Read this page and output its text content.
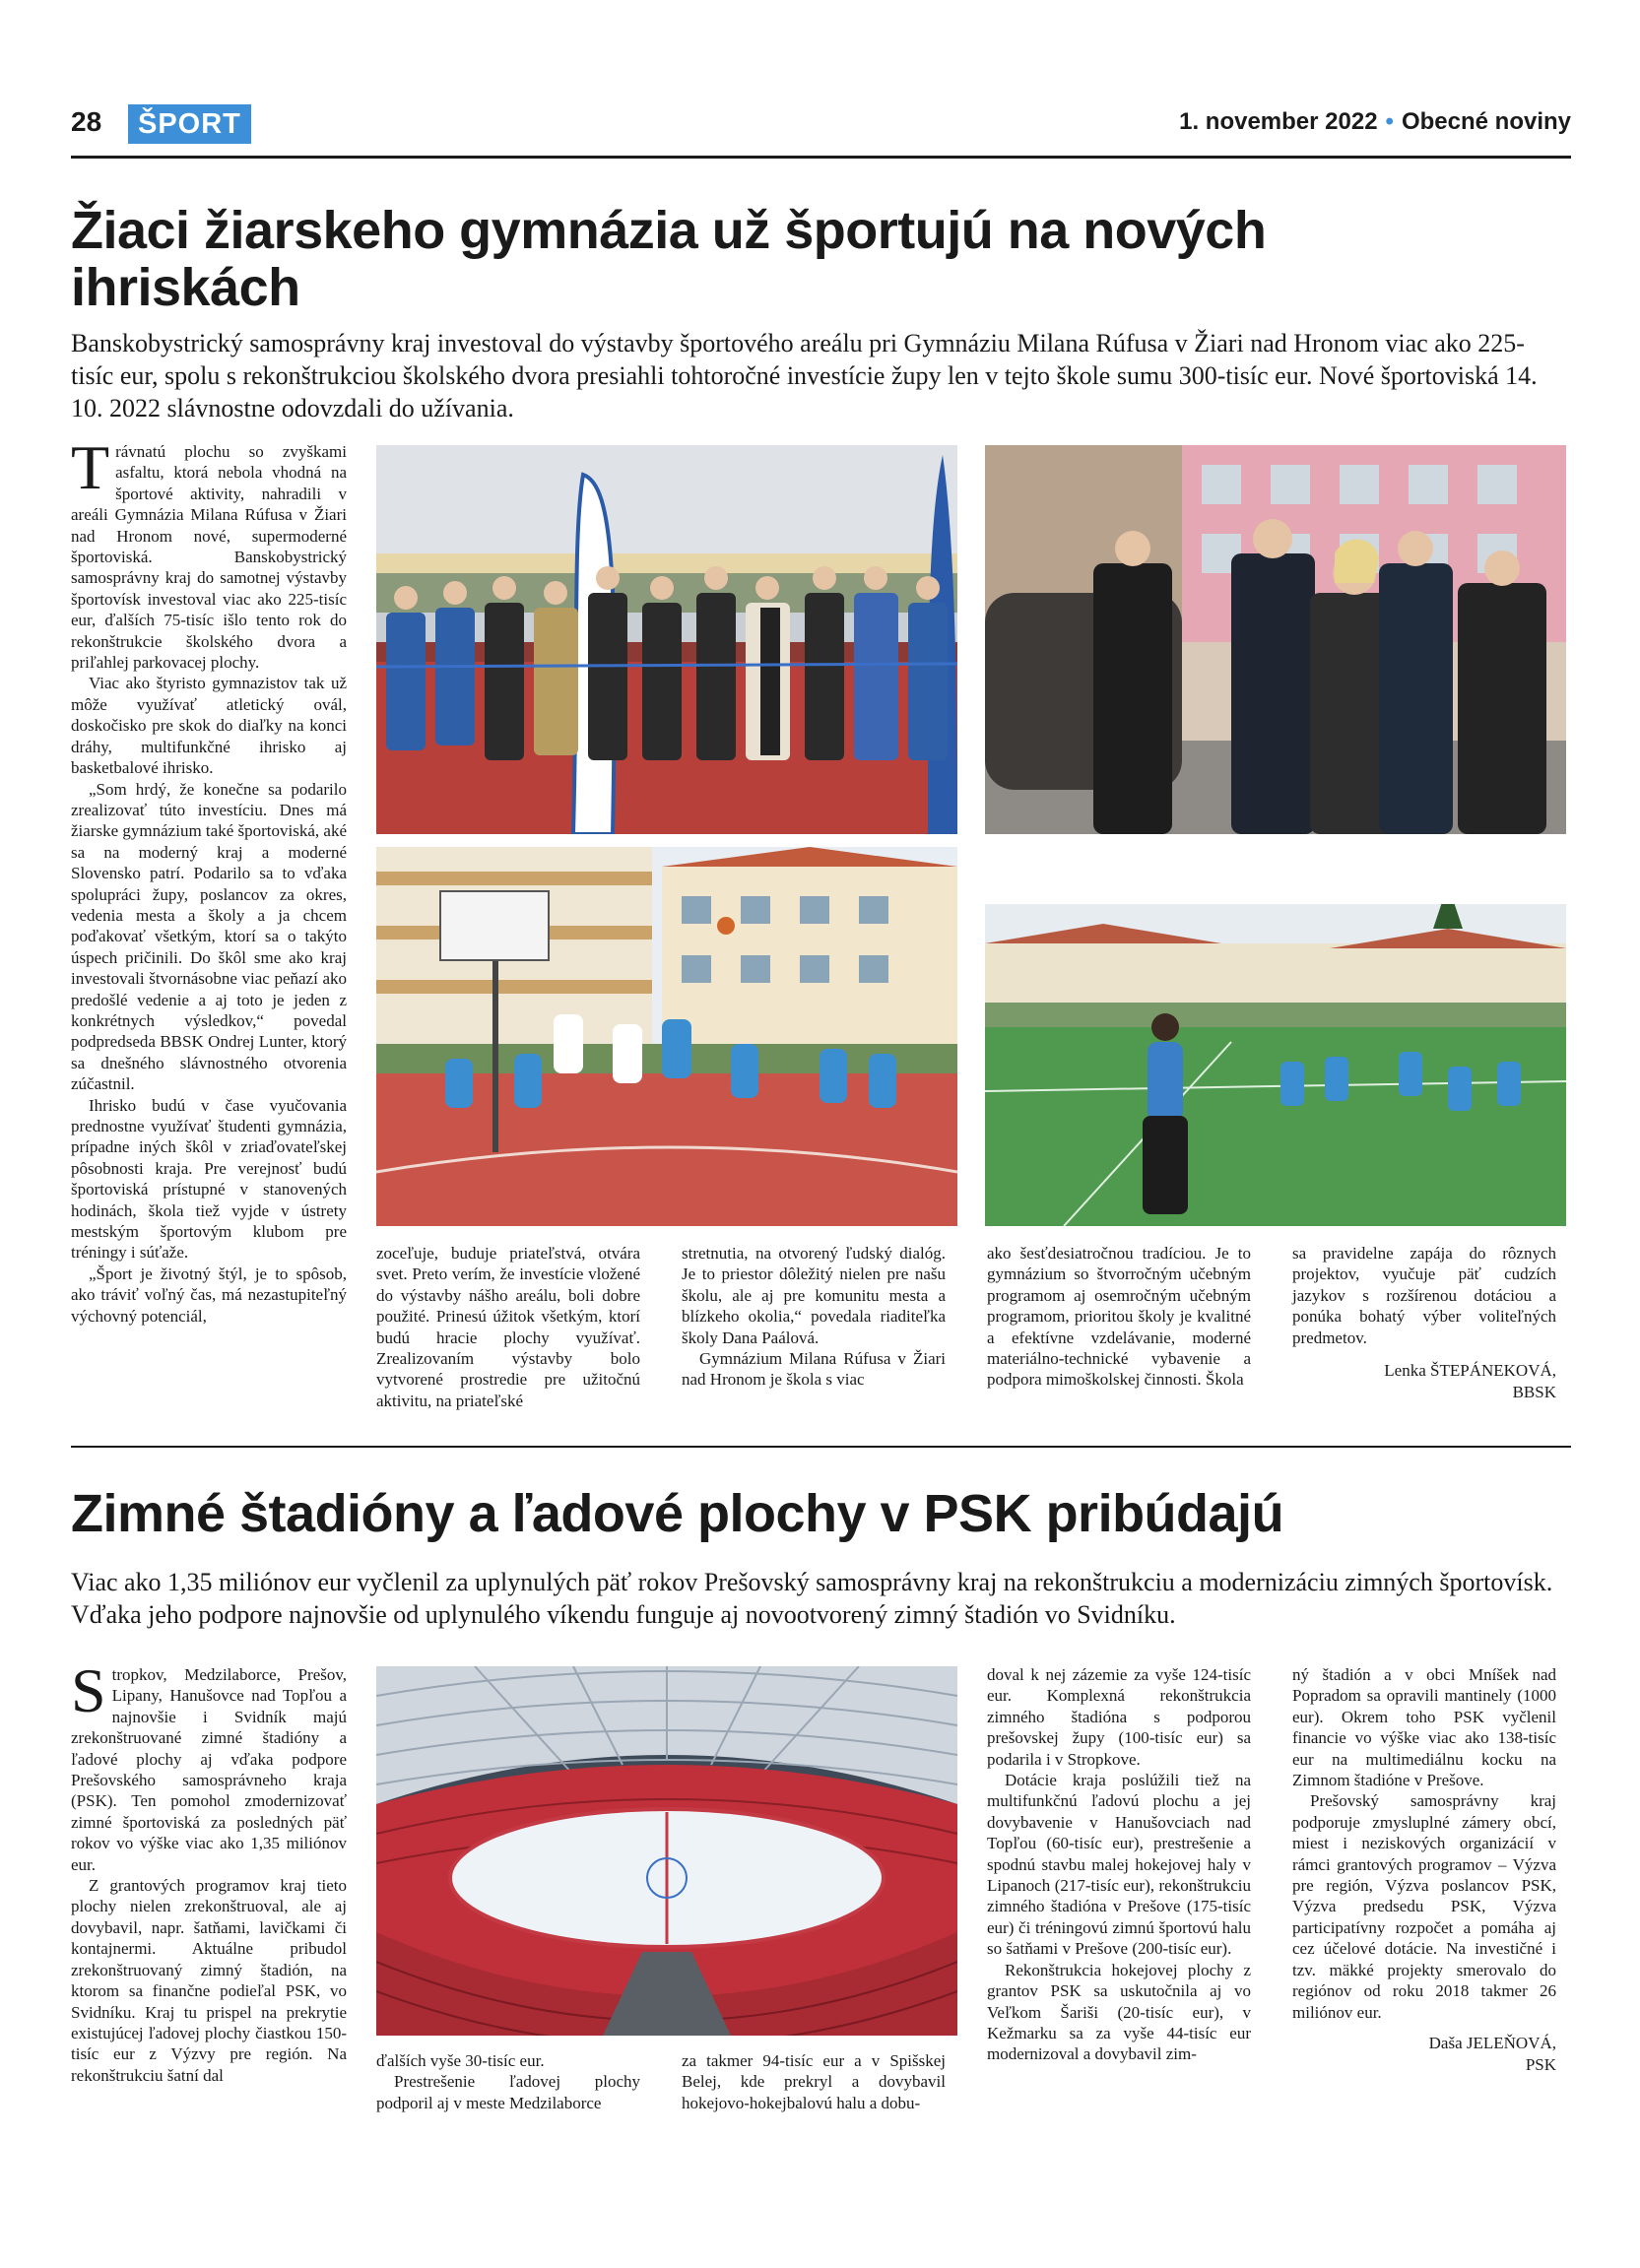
28	ŠPORT	1. november 2022 • Obecné noviny
Žiaci žiarskeho gymnázia už športujú na nových ihriskách
Banskobystrický samosprávny kraj investoval do výstavby športového areálu pri Gymnáziu Milana Rúfusa v Žiari nad Hronom viac ako 225-tisíc eur, spolu s rekonštrukciou školského dvora presiahli tohtoročné investície župy len v tejto škole sumu 300-tisíc eur. Nové športoviská 14. 10. 2022 slávnostne odovzdali do užívania.

Trávnatú plochu so zvyškami asfaltu, ktorá nebola vhodná na športové aktivity, nahradili v areáli Gymnázia Milana Rúfusa v Žiari nad Hronom nové, supermoderné športoviská. Banskobystrický samosprávny kraj do samotnej výstavby športovísk investoval viac ako 225-tisíc eur, ďalších 75-tisíc išlo tento rok do rekonštrukcie školského dvora a priľahlej parkovacej plochy.

Viac ako štyristo gymnazistov tak už môže využívať atletický ovál, doskočisko pre skok do diaľky na konci dráhy, multifunkčné ihrisko aj basketbalové ihrisko.

„Som hrdý, že konečne sa podarilo zrealizovať túto investíciu. Dnes má žiarske gymnázium také športoviská, aké sa na moderný kraj a moderné Slovensko patrí. Podarilo sa to vďaka spolupráci župy, poslancov za okres, vedenia mesta a školy a ja chcem poďakovať všetkým, ktorí sa o takýto úspech pričinili. Do škôl sme ako kraj investovali štvornásobne viac peňazí ako predošlé vedenie a aj toto je jeden z konkrétnych výsledkov,“ povedal podpredseda BBSK Ondrej Lunter, ktorý sa dnešného slávnostného otvorenia zúčastnil.

Ihrisko budú v čase vyučovania prednostne využívať študenti gymnázia, prípadne iných škôl v zriaďovateľskej pôsobnosti kraja. Pre verejnosť budú športoviská prístupné v stanovených hodinách, škola tiež vyjde v ústrety mestským športovým klubom pre tréningy i súťaže.

„Šport je životný štýl, je to spôsob, ako tráviť voľný čas, má nezastupiteľný výchovný potenciál,

zoceľuje, buduje priateľstvá, otvára svet. Preto verím, že investície vložené do výstavby nášho areálu, boli dobre použité. Prinesú úžitok všetkým, ktorí budú hracie plochy využívať. Zrealizovaním výstavby bolo vytvorené prostredie pre užitočnú aktivitu, na priateľské

stretnutia, na otvorený ľudský dialóg. Je to priestor dôležitý nielen pre našu školu, ale aj pre komunitu mesta a blízkeho okolia,“ povedala riaditeľka školy Dana Paálová.

Gymnázium Milana Rúfusa v Žiari nad Hronom je škola s viac

ako šesťdesiatročnou tradíciou. Je to gymnázium so štvorročným učebným programom aj osemročným učebným programom, prioritou školy je kvalitné a efektívne vzdelávanie, moderné materiálno-technické vybavenie a podpora mimoškolskej činnosti. Škola

sa pravidelne zapája do rôznych projektov, vyučuje päť cudzích jazykov s rozšírenou dotáciou a ponúka bohatý výber voliteľných predmetov.

Lenka ŠTEPÁNEKOVÁ,
BBSK
Zimné štadióny a ľadové plochy v PSK pribúdajú
Viac ako 1,35 miliónov eur vyčlenil za uplynulých päť rokov Prešovský samosprávny kraj na rekonštrukciu a modernizáciu zimných športovísk. Vďaka jeho podpore najnovšie od uplynulého víkendu funguje aj novootvorený zimný štadión vo Svidníku.

Stropkov, Medzilaborce, Prešov, Lipany, Hanušovce nad Topľou a najnovšie i Svidník majú zrekonštruované zimné štadióny a ľadové plochy aj vďaka podpore Prešovského samosprávneho kraja (PSK). Ten pomohol zmodernizovať zimné športoviská za posledných päť rokov vo výške viac ako 1,35 miliónov eur.

Z grantových programov kraj tieto plochy nielen zrekonštruoval, ale aj dovybavil, napr. šatňami, lavičkami či kontajnermi. Aktuálne pribudol zrekonštruovaný zimný štadión, na ktorom sa finančne podieľal PSK, vo Svidníku. Kraj tu prispel na prekrytie existujúcej ľadovej plochy čiastkou 150-tisíc eur z Výzvy pre región. Na rekonštrukciu šatní dal

ďalších vyše 30-tisíc eur.

Prestrešenie ľadovej plochy podporil aj v meste Medzilaborce

za takmer 94-tisíc eur a v Spišskej Belej, kde prekryl a dovybavil hokejovo-hokejbalovú halu a dobu-

doval k nej zázemie za vyše 124-tisíc eur. Komplexná rekonštrukcia zimného štadióna s podporou prešovskej župy (100-tisíc eur) sa podarila i v Stropkove.

Dotácie kraja poslúžili tiež na multifunkčnú ľadovú plochu a jej dovybavenie v Hanušovciach nad Topľou (60-tisíc eur), prestrešenie a spodnú stavbu malej hokejovej haly v Lipanoch (217-tisíc eur), rekonštrukciu zimného štadióna v Prešove (175-tisíc eur) či tréningovú zimnú športovú halu so šatňami v Prešove (200-tisíc eur).

Rekonštrukcia hokejovej plochy z grantov PSK sa uskutočnila aj vo Veľkom Šariši (20-tisíc eur), v Kežmarku sa za vyše 44-tisíc eur modernizoval a dovybavil zim-

ný štadión a v obci Mníšek nad Popradom sa opravili mantinely (1000 eur). Okrem toho PSK vyčlenil financie vo výške viac ako 138-tisíc eur na multimediálnu kocku na Zimnom štadióne v Prešove.

Prešovský samosprávny kraj podporuje zmysluplné zámery obcí, miest i neziskových organizácií v rámci grantových programov – Výzva pre región, Výzva poslancov PSK, Výzva predsedu PSK, Výzva participatívny rozpočet a pomáha aj cez účelové dotácie. Na investičné i tzv. mäkké projekty smerovalo do regiónov od roku 2018 takmer 26 miliónov eur.

Daša JELEŇOVÁ,
PSK
